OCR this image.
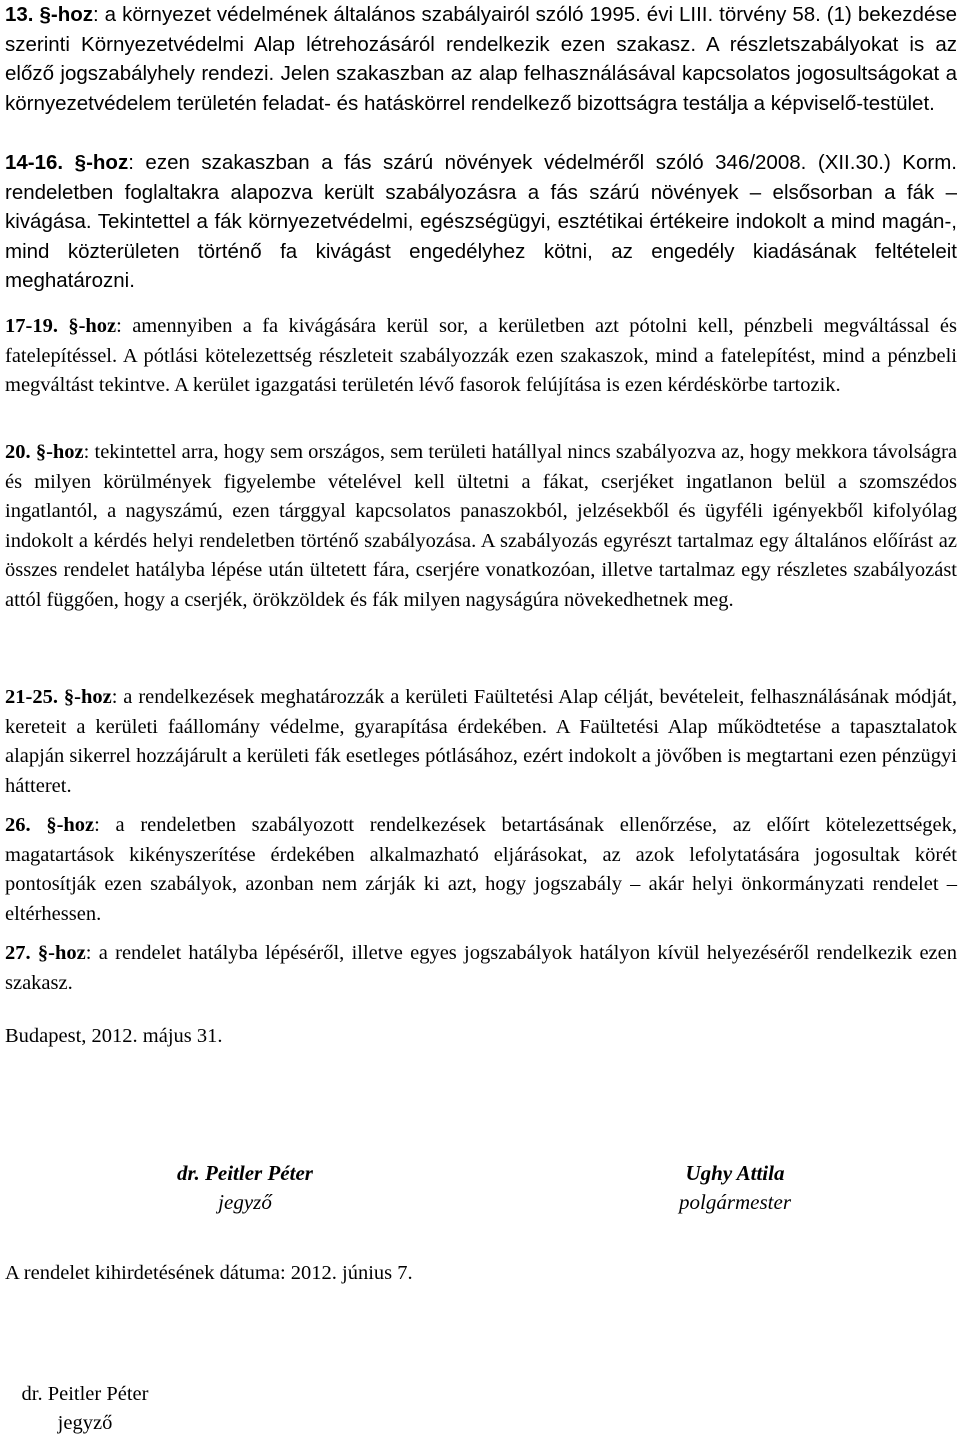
13. §-hoz: a környezet védelmének általános szabályairól szóló 1995. évi LIII. törvény 58. (1) bekezdése szerinti Környezetvédelmi Alap létrehozásáról rendelkezik ezen szakasz. A részletszabályokat is az előző jogszabályhely rendezi. Jelen szakaszban az alap felhasználásával kapcsolatos jogosultságokat a környezetvédelem területén feladat- és hatáskörrel rendelkező bizottságra testálja a képviselő-testület.

14-16. §-hoz: ezen szakaszban a fás szárú növények védelméről szóló 346/2008. (XII.30.) Korm. rendeletben foglaltakra alapozva került szabályozásra a fás szárú növények – elsősorban a fák – kivágása. Tekintettel a fák környezetvédelmi, egészségügyi, esztétikai értékeire indokolt a mind magán-, mind közterületen történő fa kivágást engedélyhez kötni, az engedély kiadásának feltételeit meghatározni.

17-19. §-hoz: amennyiben a fa kivágására kerül sor, a kerületben azt pótolni kell, pénzbeli megváltással és fatelepítéssel. A pótlási kötelezettség részleteit szabályozzák ezen szakaszok, mind a fatelepítést, mind a pénzbeli megváltást tekintve. A kerület igazgatási területén lévő fasorok felújítása is ezen kérdéskörbe tartozik.

20. §-hoz: tekintettel arra, hogy sem országos, sem területi hatállyal nincs szabályozva az, hogy mekkora távolságra és milyen körülmények figyelembe vételével kell ültetni a fákat, cserjéket ingatlanon belül a szomszédos ingatlantól, a nagyszámú, ezen tárggyal kapcsolatos panaszokból, jelzésekből és ügyféli igényekből kifolyólag indokolt a kérdés helyi rendeletben történő szabályozása. A szabályozás egyrészt tartalmaz egy általános előírást az összes rendelet hatályba lépése után ültetett fára, cserjére vonatkozóan, illetve tartalmaz egy részletes szabályozást attól függően, hogy a cserjék, örökzöldek és fák milyen nagyságúra növekedhetnek meg.

21-25. §-hoz: a rendelkezések meghatározzák a kerületi Faültetési Alap célját, bevételeit, felhasználásának módját, kereteit a kerületi faállomány védelme, gyarapítása érdekében. A Faültetési Alap működtetése a tapasztalatok alapján sikerrel hozzájárult a kerületi fák esetleges pótlásához, ezért indokolt a jövőben is megtartani ezen pénzügyi hátteret.

26. §-hoz: a rendeletben szabályozott rendelkezések betartásának ellenőrzése, az előírt kötelezettségek, magatartások kikényszerítése érdekében alkalmazható eljárásokat, az azok lefolytatására jogosultak körét pontosítják ezen szabályok, azonban nem zárják ki azt, hogy jogszabály – akár helyi önkormányzati rendelet – eltérhessen.

27. §-hoz: a rendelet hatályba lépéséről, illetve egyes jogszabályok hatályon kívül helyezéséről rendelkezik ezen szakasz.

Budapest, 2012. május 31.
dr. Peitler Péter
jegyző
Ughy Attila
polgármester
A rendelet kihirdetésének dátuma: 2012. június 7.
dr. Peitler Péter
jegyző
